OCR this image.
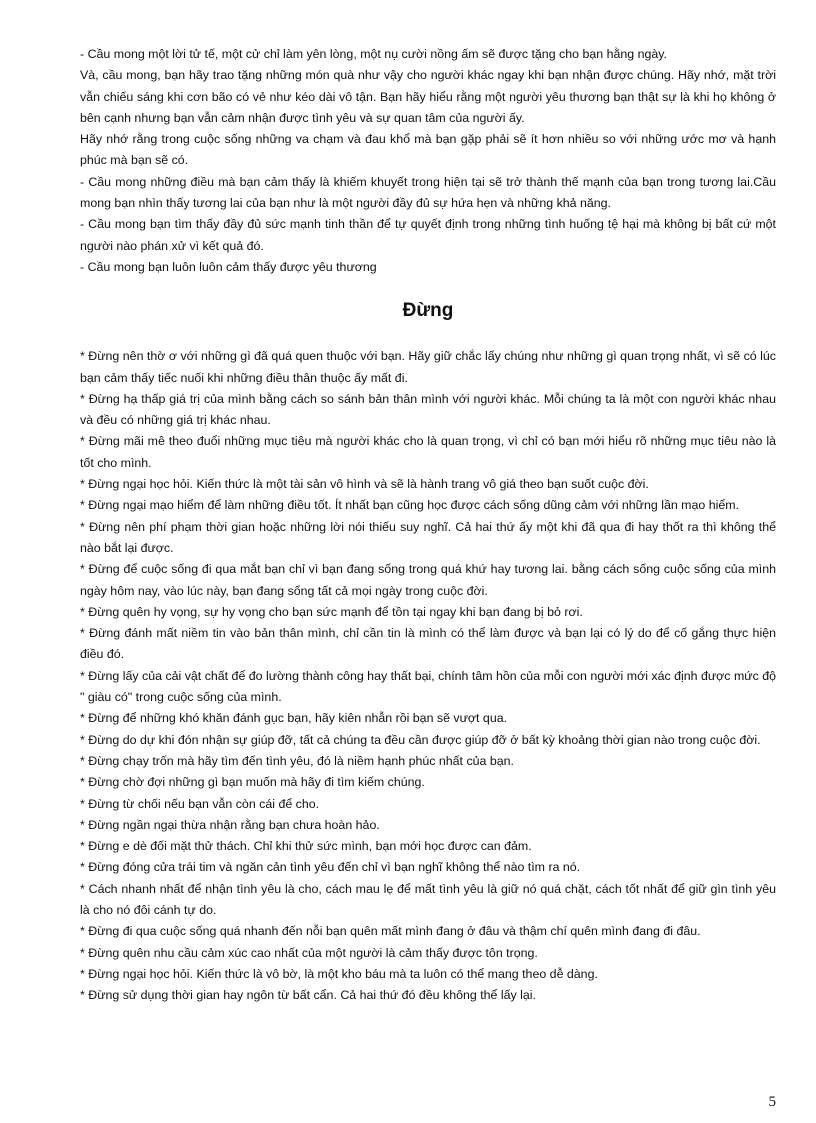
- Cầu mong một lời tử tế, một cử chỉ làm yên lòng, một nụ cười nồng ấm sẽ được tặng cho bạn hằng ngày.

Và, cầu mong, bạn hãy trao tặng những món quà như vậy cho người khác ngay khi bạn nhận được chúng. Hãy nhớ, mặt trời vẫn chiếu sáng khi cơn bão có vẻ như kéo dài vô tận. Bạn hãy hiểu rằng một người yêu thương bạn thật sự là khi họ không ở bên cạnh nhưng bạn vẫn cảm nhận được tình yêu và sự quan tâm của người ấy.

Hãy nhớ rằng trong cuộc sống những va chạm và đau khổ mà bạn gặp phải sẽ ít hơn nhiều so với những ước mơ và hạnh phúc mà bạn sẽ có.

- Cầu mong những điều mà bạn cảm thấy là khiếm khuyết trong hiện tại sẽ trở thành thế mạnh của bạn trong tương lai.Cầu mong bạn nhìn thấy tương lai của bạn như là một người đầy đủ sự hứa hẹn và những khả năng.

- Cầu mong bạn tìm thấy đầy đủ sức mạnh tinh thần để tự quyết định trong những tình huống tệ hại mà không bị bất cứ một người nào phán xử vì kết quả đó.

- Cầu mong bạn luôn luôn cảm thấy được yêu thương

Đừng

* Đừng nên thờ ơ với những gì đã quá quen thuộc với bạn. Hãy giữ chắc lấy chúng như những gì quan trọng nhất, vì sẽ có lúc bạn cảm thấy tiếc nuối khi những điều thân thuộc ấy mất đi.

* Đừng hạ thấp giá trị của mình bằng cách so sánh bản thân mình với người khác. Mỗi chúng ta là một con người khác nhau và đều có những giá trị khác nhau.

* Đừng mãi mê theo đuổi những mục tiêu mà người khác cho là quan trọng, vì chỉ có bạn mới hiểu rõ những mục tiêu nào là tốt cho mình.

* Đừng ngại học hỏi. Kiến thức là một tài sản vô hình và sẽ là hành trang vô giá theo bạn suốt cuộc đời.

* Đừng ngại mạo hiểm để làm những điều tốt. Ít nhất bạn cũng học được cách sống dũng cảm với những lần mạo hiểm.

* Đừng nên phí phạm thời gian hoặc những lời nói thiếu suy nghĩ. Cả hai thứ ấy một khi đã qua đi hay thốt ra thì không thể nào bắt lại được.

* Đừng để cuộc sống đi qua mắt bạn chỉ vì bạn đang sống trong quá khứ hay tương lai. bằng cách sống cuộc sống của mình ngày hôm nay, vào lúc này, bạn đang sống tất cả mọi ngày trong cuộc đời.

* Đừng quên hy vọng, sự hy vọng cho bạn sức mạnh để tồn tại ngay khi bạn đang bị bỏ rơi.

* Đừng đánh mất niềm tin vào bản thân mình, chỉ cần tin là mình có thể làm được và bạn lại có lý do để cố gắng thực hiện điều đó.

* Đừng lấy của cải vật chất để đo lường thành công hay thất bại, chính tâm hồn của mỗi con người mới xác định được mức độ " giàu có" trong cuộc sống của mình.

* Đừng để những khó khăn đánh gục bạn, hãy kiên nhẫn rồi bạn sẽ vượt qua.

* Đừng do dự khi đón nhận sự giúp đỡ, tất cả chúng ta đều cần được giúp đỡ ở bất kỳ khoảng thời gian nào trong cuộc đời.

* Đừng chạy trốn mà hãy tìm đến tình yêu, đó là niềm hạnh phúc nhất của bạn.

* Đừng chờ đợi những gì bạn muốn mà hãy đi tìm kiếm chúng.

* Đừng từ chối nếu bạn vẫn còn cái để cho.

* Đừng ngần ngại thừa nhận rằng bạn chưa hoàn hảo.

* Đừng e dè đối mặt thử thách. Chỉ khi thử sức mình, bạn mới học được can đảm.

* Đừng đóng cửa trái tim và ngăn cản tình yêu đến chỉ vì bạn nghĩ không thể nào tìm ra nó.

* Cách nhanh nhất để nhận tình yêu là cho, cách mau lẹ để mất tình yêu là giữ nó quá chặt, cách tốt nhất để giữ gìn tình yêu là cho nó đôi cánh tự do.

* Đừng đi qua cuộc sống quá nhanh đến nỗi bạn quên mất mình đang ở đâu và thậm chí quên mình đang đi đâu.

* Đừng quên nhu cầu cảm xúc cao nhất của một người là cảm thấy được tôn trọng.

* Đừng ngại học hỏi. Kiến thức là vô bờ, là một kho báu mà ta luôn có thể mang theo dễ dàng.

* Đừng sử dụng thời gian hay ngôn từ bất cẩn. Cả hai thứ đó đều không thể lấy lại.

5
